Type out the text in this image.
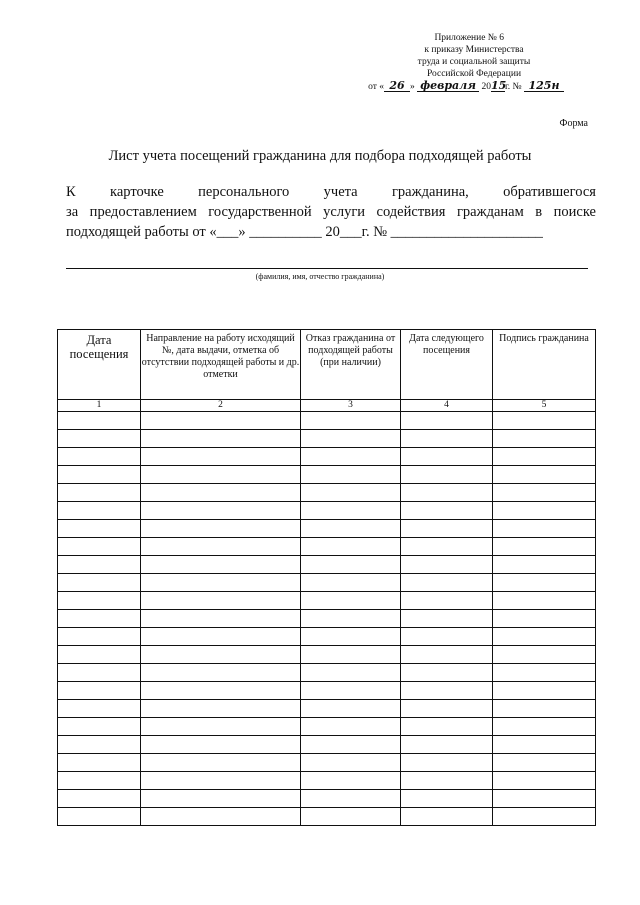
Приложение № 6
к приказу Министерства
труда и социальной защиты
Российской Федерации
от « 26 » февраля 2015г. № 125н
Форма
Лист учета посещений гражданина для подбора подходящей работы
К карточке персонального учета гражданина, обратившегося
за предоставлением государственной услуги содействия гражданам в поиске
подходящей работы от «___» __________ 20___г. № _____________________
(фамилия, имя, отчество гражданина)
Дата посещения	Направление на работу исходящий №, дата выдачи, отметка об отсутствии подходящей работы и др. отметки	Отказ гражданина от подходящей работы (при наличии)	Дата следующего посещения	Подпись гражданина
1	2	3	4	5
